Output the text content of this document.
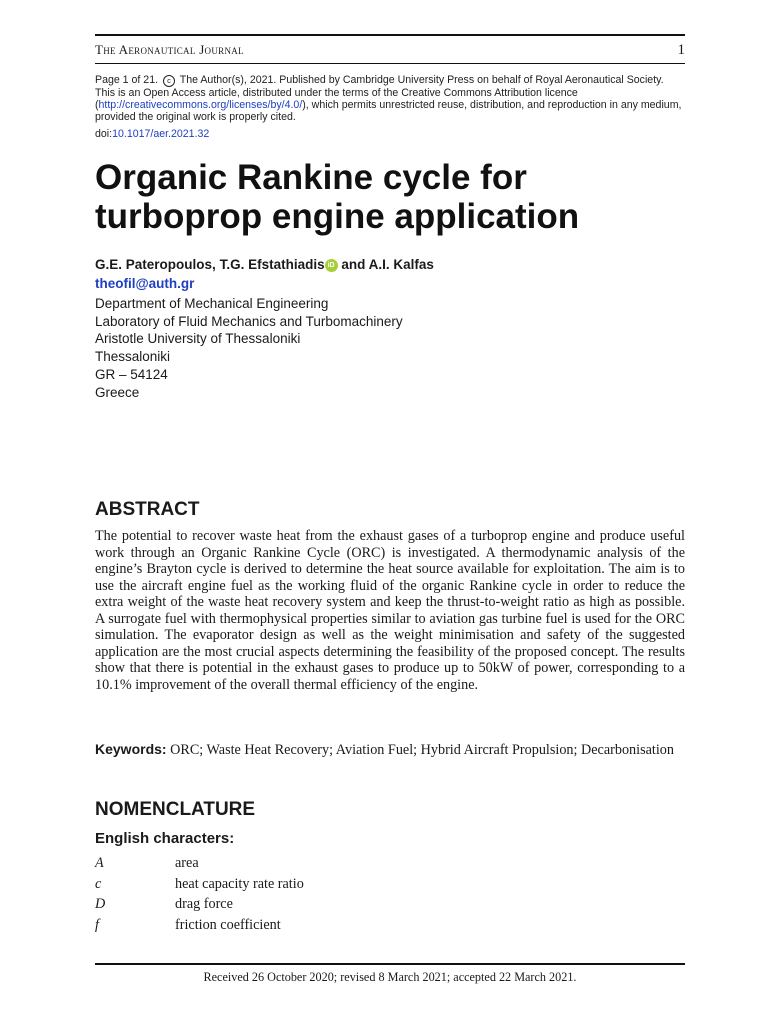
The Aeronautical Journal	1
Page 1 of 21. c The Author(s), 2021. Published by Cambridge University Press on behalf of Royal Aeronautical Society. This is an Open Access article, distributed under the terms of the Creative Commons Attribution licence (http://creativecommons.org/licenses/by/4.0/), which permits unrestricted reuse, distribution, and reproduction in any medium, provided the original work is properly cited.
doi:10.1017/aer.2021.32
Organic Rankine cycle for
turboprop engine application
G.E. Pateropoulos, T.G. Efstathiadis iD and A.I. Kalfas
theofil@auth.gr
Department of Mechanical Engineering
Laboratory of Fluid Mechanics and Turbomachinery
Aristotle University of Thessaloniki
Thessaloniki
GR – 54124
Greece
ABSTRACT
The potential to recover waste heat from the exhaust gases of a turboprop engine and produce useful work through an Organic Rankine Cycle (ORC) is investigated. A thermodynamic analysis of the engine’s Brayton cycle is derived to determine the heat source available for exploitation. The aim is to use the aircraft engine fuel as the working fluid of the organic Rankine cycle in order to reduce the extra weight of the waste heat recovery system and keep the thrust-to-weight ratio as high as possible. A surrogate fuel with thermophysical properties similar to aviation gas turbine fuel is used for the ORC simulation. The evaporator design as well as the weight minimisation and safety of the suggested application are the most crucial aspects determining the feasibility of the proposed concept. The results show that there is potential in the exhaust gases to produce up to 50kW of power, corresponding to a 10.1% improvement of the overall thermal efficiency of the engine.
Keywords: ORC; Waste Heat Recovery; Aviation Fuel; Hybrid Aircraft Propulsion; Decarbonisation
NOMENCLATURE
English characters:
A	area
c	heat capacity rate ratio
D	drag force
f	friction coefficient
Received 26 October 2020; revised 8 March 2021; accepted 22 March 2021.
